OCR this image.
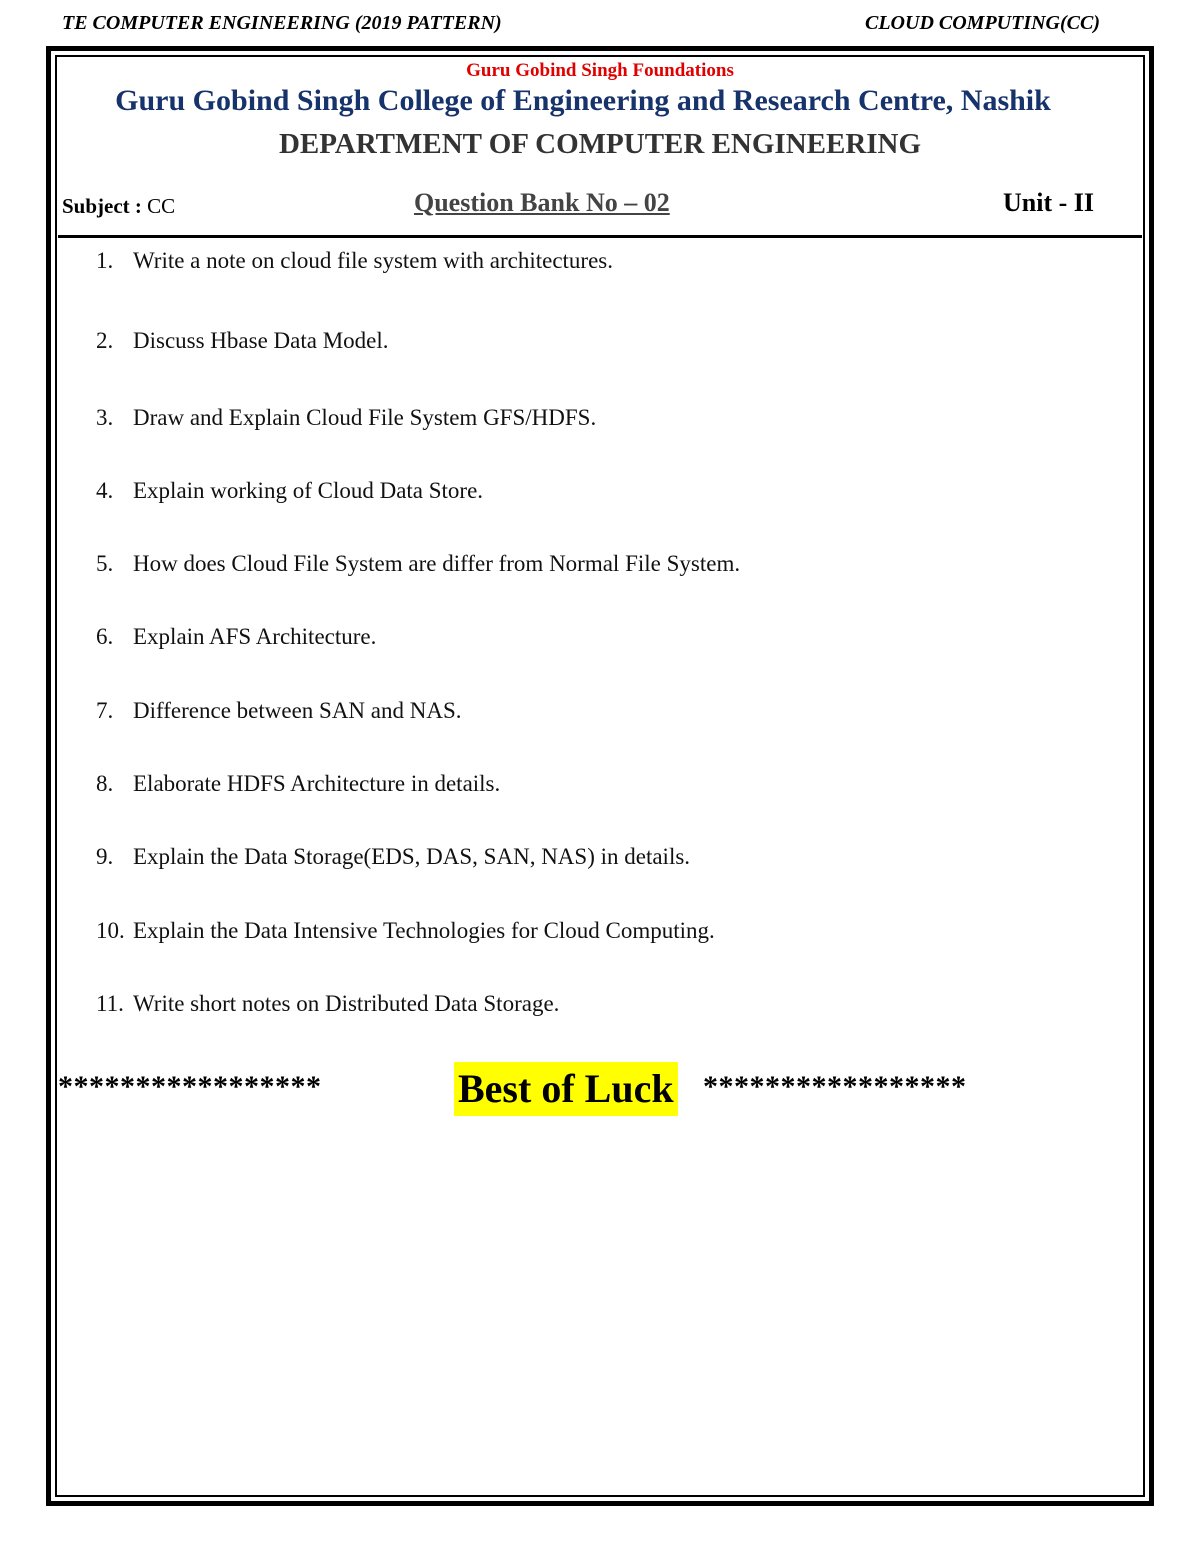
TE COMPUTER ENGINEERING (2019 PATTERN)	CLOUD COMPUTING(CC)
Guru Gobind Singh Foundations
Guru Gobind Singh College of Engineering and Research Centre, Nashik
DEPARTMENT OF COMPUTER ENGINEERING
Subject : CC	Question Bank No – 02	Unit - II
1. Write a note on cloud file system with architectures.
2. Discuss Hbase Data Model.
3. Draw and Explain Cloud File System GFS/HDFS.
4. Explain working of Cloud Data Store.
5. How does Cloud File System are differ from Normal File System.
6. Explain AFS Architecture.
7. Difference between SAN and NAS.
8. Elaborate HDFS Architecture in details.
9. Explain the Data Storage(EDS, DAS, SAN, NAS) in details.
10. Explain the Data Intensive Technologies for Cloud Computing.
11. Write short notes on Distributed Data Storage.
*****************	Best of Luck *****************
